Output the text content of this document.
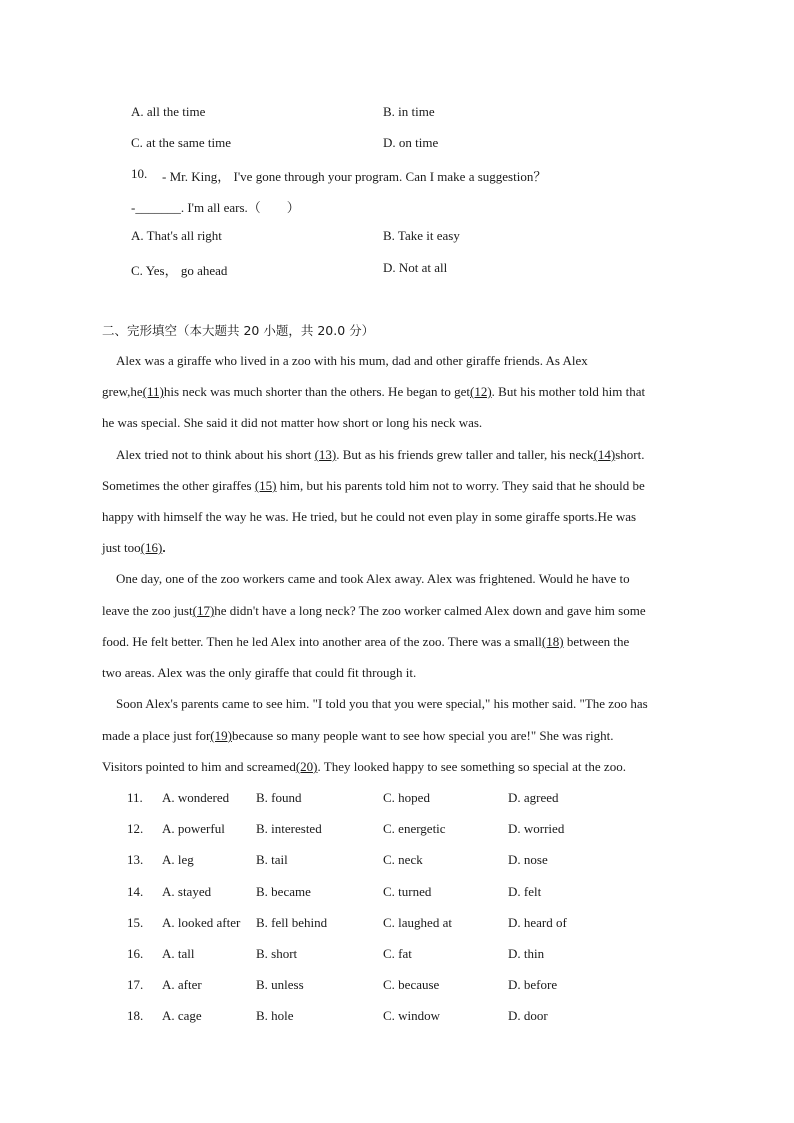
A. all the time	B. in time
C. at the same time	D. on time
10. - Mr. King， I've gone through your program. Can I make a suggestion？
-_______. I'm all ears.（　　）
A. That's all right	B. Take it easy
C. Yes， go ahead	D. Not at all
二、完形填空（本大题共 20 小题，共 20.0 分）
Alex was a giraffe who lived in a zoo with his mum, dad and other giraffe friends. As Alex
grew,he(11)his neck was much shorter than the others. He began to get(12). But his mother told him that
he was special. She said it did not matter how short or long his neck was.
Alex tried not to think about his short (13). But as his friends grew taller and taller, his neck(14)short.
Sometimes the other giraffes (15) him, but his parents told him not to worry. They said that he should be
happy with himself the way he was. He tried, but he could not even play in some giraffe sports.He was
just too(16).
One day, one of the zoo workers came and took Alex away. Alex was frightened. Would he have to
leave the zoo just(17)he didn't have a long neck? The zoo worker calmed Alex down and gave him some
food. He felt better. Then he led Alex into another area of the zoo. There was a small(18) between the
two areas. Alex was the only giraffe that could fit through it.
Soon Alex's parents came to see him. "I told you that you were special," his mother said. "The zoo has
made a place just for(19)because so many people want to see how special you are!" She was right.
Visitors pointed to him and screamed(20). They looked happy to see something so special at the zoo.
11. A. wondered B. found	C. hoped	D. agreed
12. A. powerful B. interested	C. energetic	D. worried
13. A. leg	B. tail	C. neck	D. nose
14. A. stayed	B. became	C. turned	D. felt
15. A. looked after B. fell behind	C. laughed at	D. heard of
16. A. tall	B. short	C. fat	D. thin
17. A. after	B. unless	C. because	D. before
18. A. cage	B. hole	C. window	D. door
